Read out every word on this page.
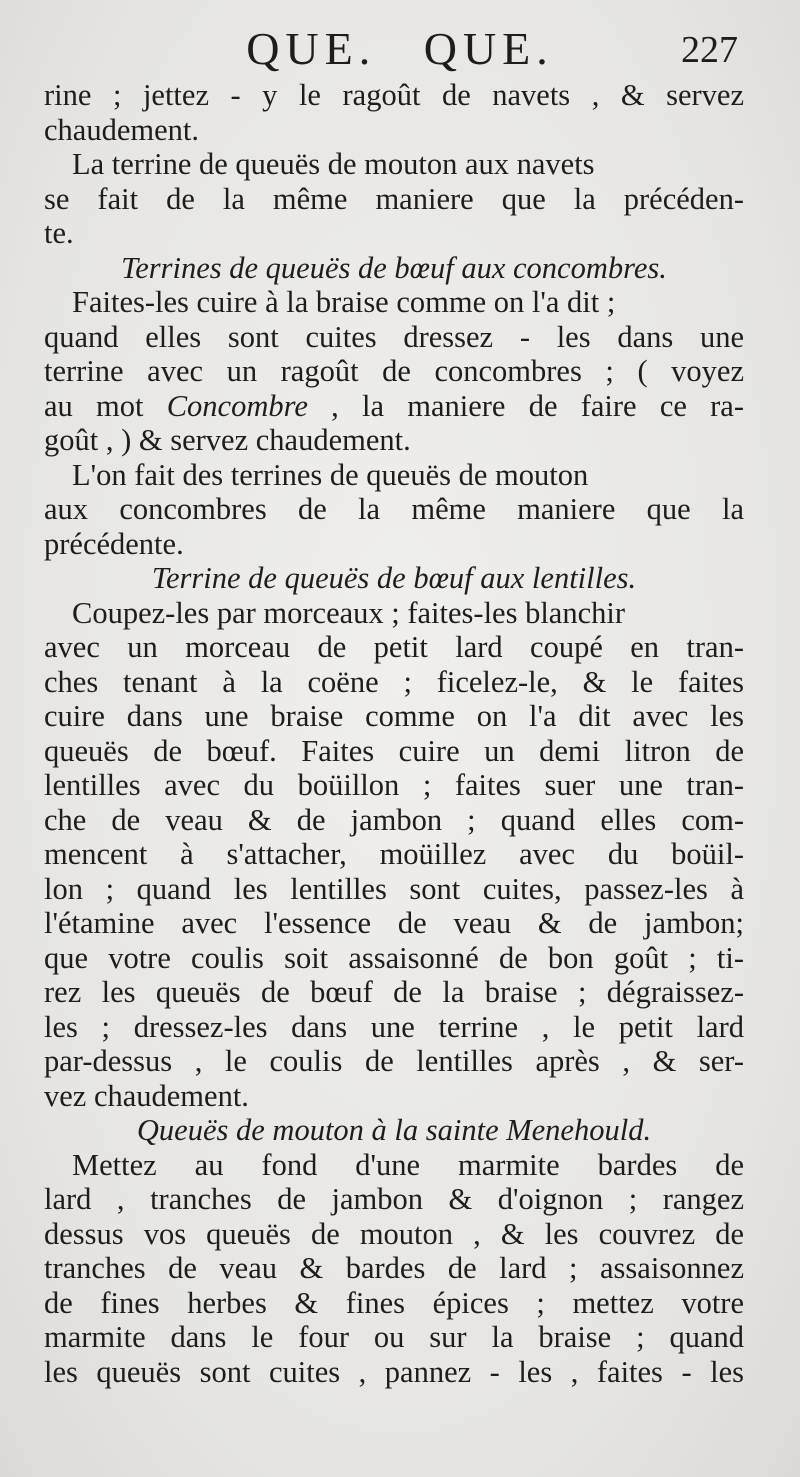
QUE. QUE.	227
rine ; jettez - y le ragoût de navets , & servez
chaudement.
La terrine de queuës de mouton aux navets
se fait de la même maniere que la précéden-
te.
Terrines de queuës de bœuf aux concombres.
Faites-les cuire à la braise comme on l'a dit ;
quand elles sont cuites dressez - les dans une
terrine avec un ragoût de concombres ; ( voyez
au mot Concombre , la maniere de faire ce ra-
goût , ) & servez chaudement.
L'on fait des terrines de queuës de mouton
aux concombres de la même maniere que la
précédente.
Terrine de queuës de bœuf aux lentilles.
Coupez-les par morceaux ; faites-les blanchir
avec un morceau de petit lard coupé en tran-
ches tenant à la coëne ; ficelez-le, & le faites
cuire dans une braise comme on l'a dit avec les
queuës de bœuf. Faites cuire un demi litron de
lentilles avec du boüillon ; faites suer une tran-
che de veau & de jambon ; quand elles com-
mencent à s'attacher, moüillez avec du boüil-
lon ; quand les lentilles sont cuites, passez-les à
l'étamine avec l'essence de veau & de jambon;
que votre coulis soit assaisonné de bon goût ; ti-
rez les queuës de bœuf de la braise ; dégraissez-
les ; dressez-les dans une terrine , le petit lard
par-dessus , le coulis de lentilles après , & ser-
vez chaudement.
Queuës de mouton à la sainte Menehould.
Mettez au fond d'une marmite bardes de
lard , tranches de jambon & d'oignon ; rangez
dessus vos queuës de mouton , & les couvrez de
tranches de veau & bardes de lard ; assaisonnez
de fines herbes & fines épices ; mettez votre
marmite dans le four ou sur la braise ; quand
les queuës sont cuites , pannez - les , faites - les
